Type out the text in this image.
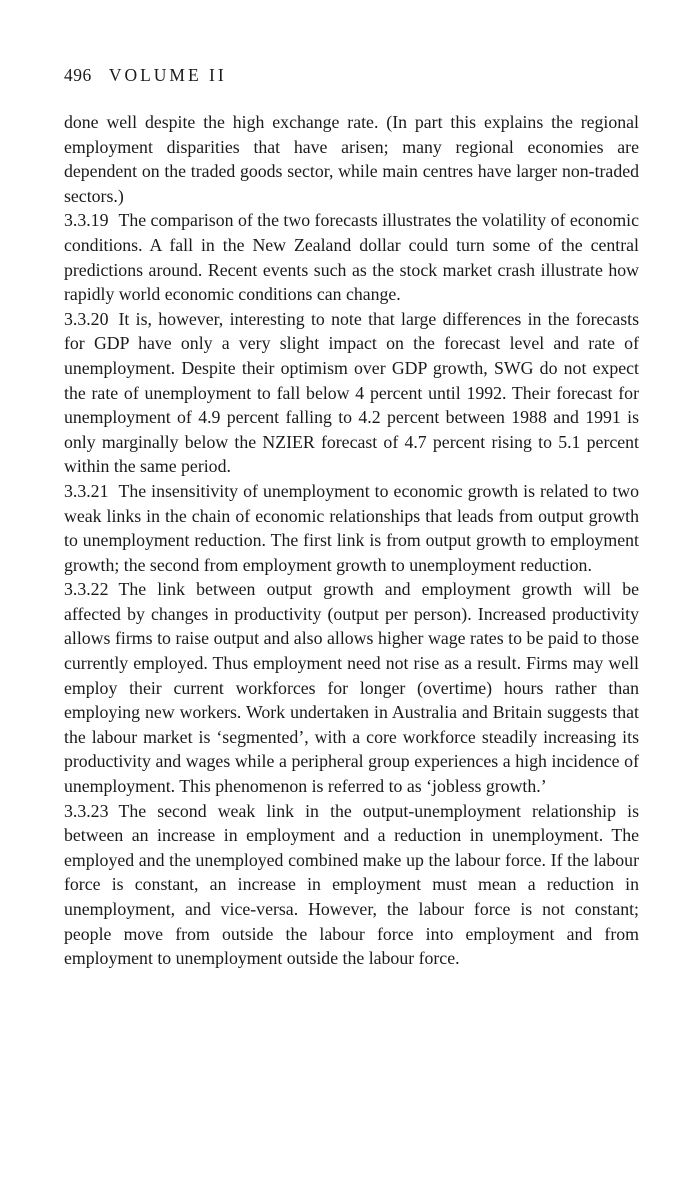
496 VOLUME II

done well despite the high exchange rate. (In part this explains the regional employment disparities that have arisen; many regional economies are dependent on the traded goods sector, while main centres have larger non-traded sectors.)

3.3.19 The comparison of the two forecasts illustrates the volatility of economic conditions. A fall in the New Zealand dollar could turn some of the central predictions around. Recent events such as the stock market crash illustrate how rapidly world economic conditions can change.

3.3.20 It is, however, interesting to note that large differences in the forecasts for GDP have only a very slight impact on the forecast level and rate of unemployment. Despite their optimism over GDP growth, SWG do not expect the rate of unemployment to fall below 4 percent until 1992. Their forecast for unemployment of 4.9 percent falling to 4.2 percent between 1988 and 1991 is only marginally below the NZIER forecast of 4.7 percent rising to 5.1 percent within the same period.

3.3.21 The insensitivity of unemployment to economic growth is related to two weak links in the chain of economic relationships that leads from output growth to unemployment reduction. The first link is from output growth to employment growth; the second from employment growth to unemployment reduction.

3.3.22 The link between output growth and employment growth will be affected by changes in productivity (output per person). Increased productivity allows firms to raise output and also allows higher wage rates to be paid to those currently employed. Thus employment need not rise as a result. Firms may well employ their current workforces for longer (overtime) hours rather than employing new workers. Work undertaken in Australia and Britain suggests that the labour market is ‘segmented’, with a core workforce steadily increasing its productivity and wages while a peripheral group experiences a high incidence of unemployment. This phenomenon is referred to as ‘jobless growth.’

3.3.23 The second weak link in the output-unemployment relationship is between an increase in employment and a reduction in unemployment. The employed and the unemployed combined make up the labour force. If the labour force is constant, an increase in employment must mean a reduction in unemployment, and vice-versa. However, the labour force is not constant; people move from outside the labour force into employment and from employment to unemployment outside the labour force.
